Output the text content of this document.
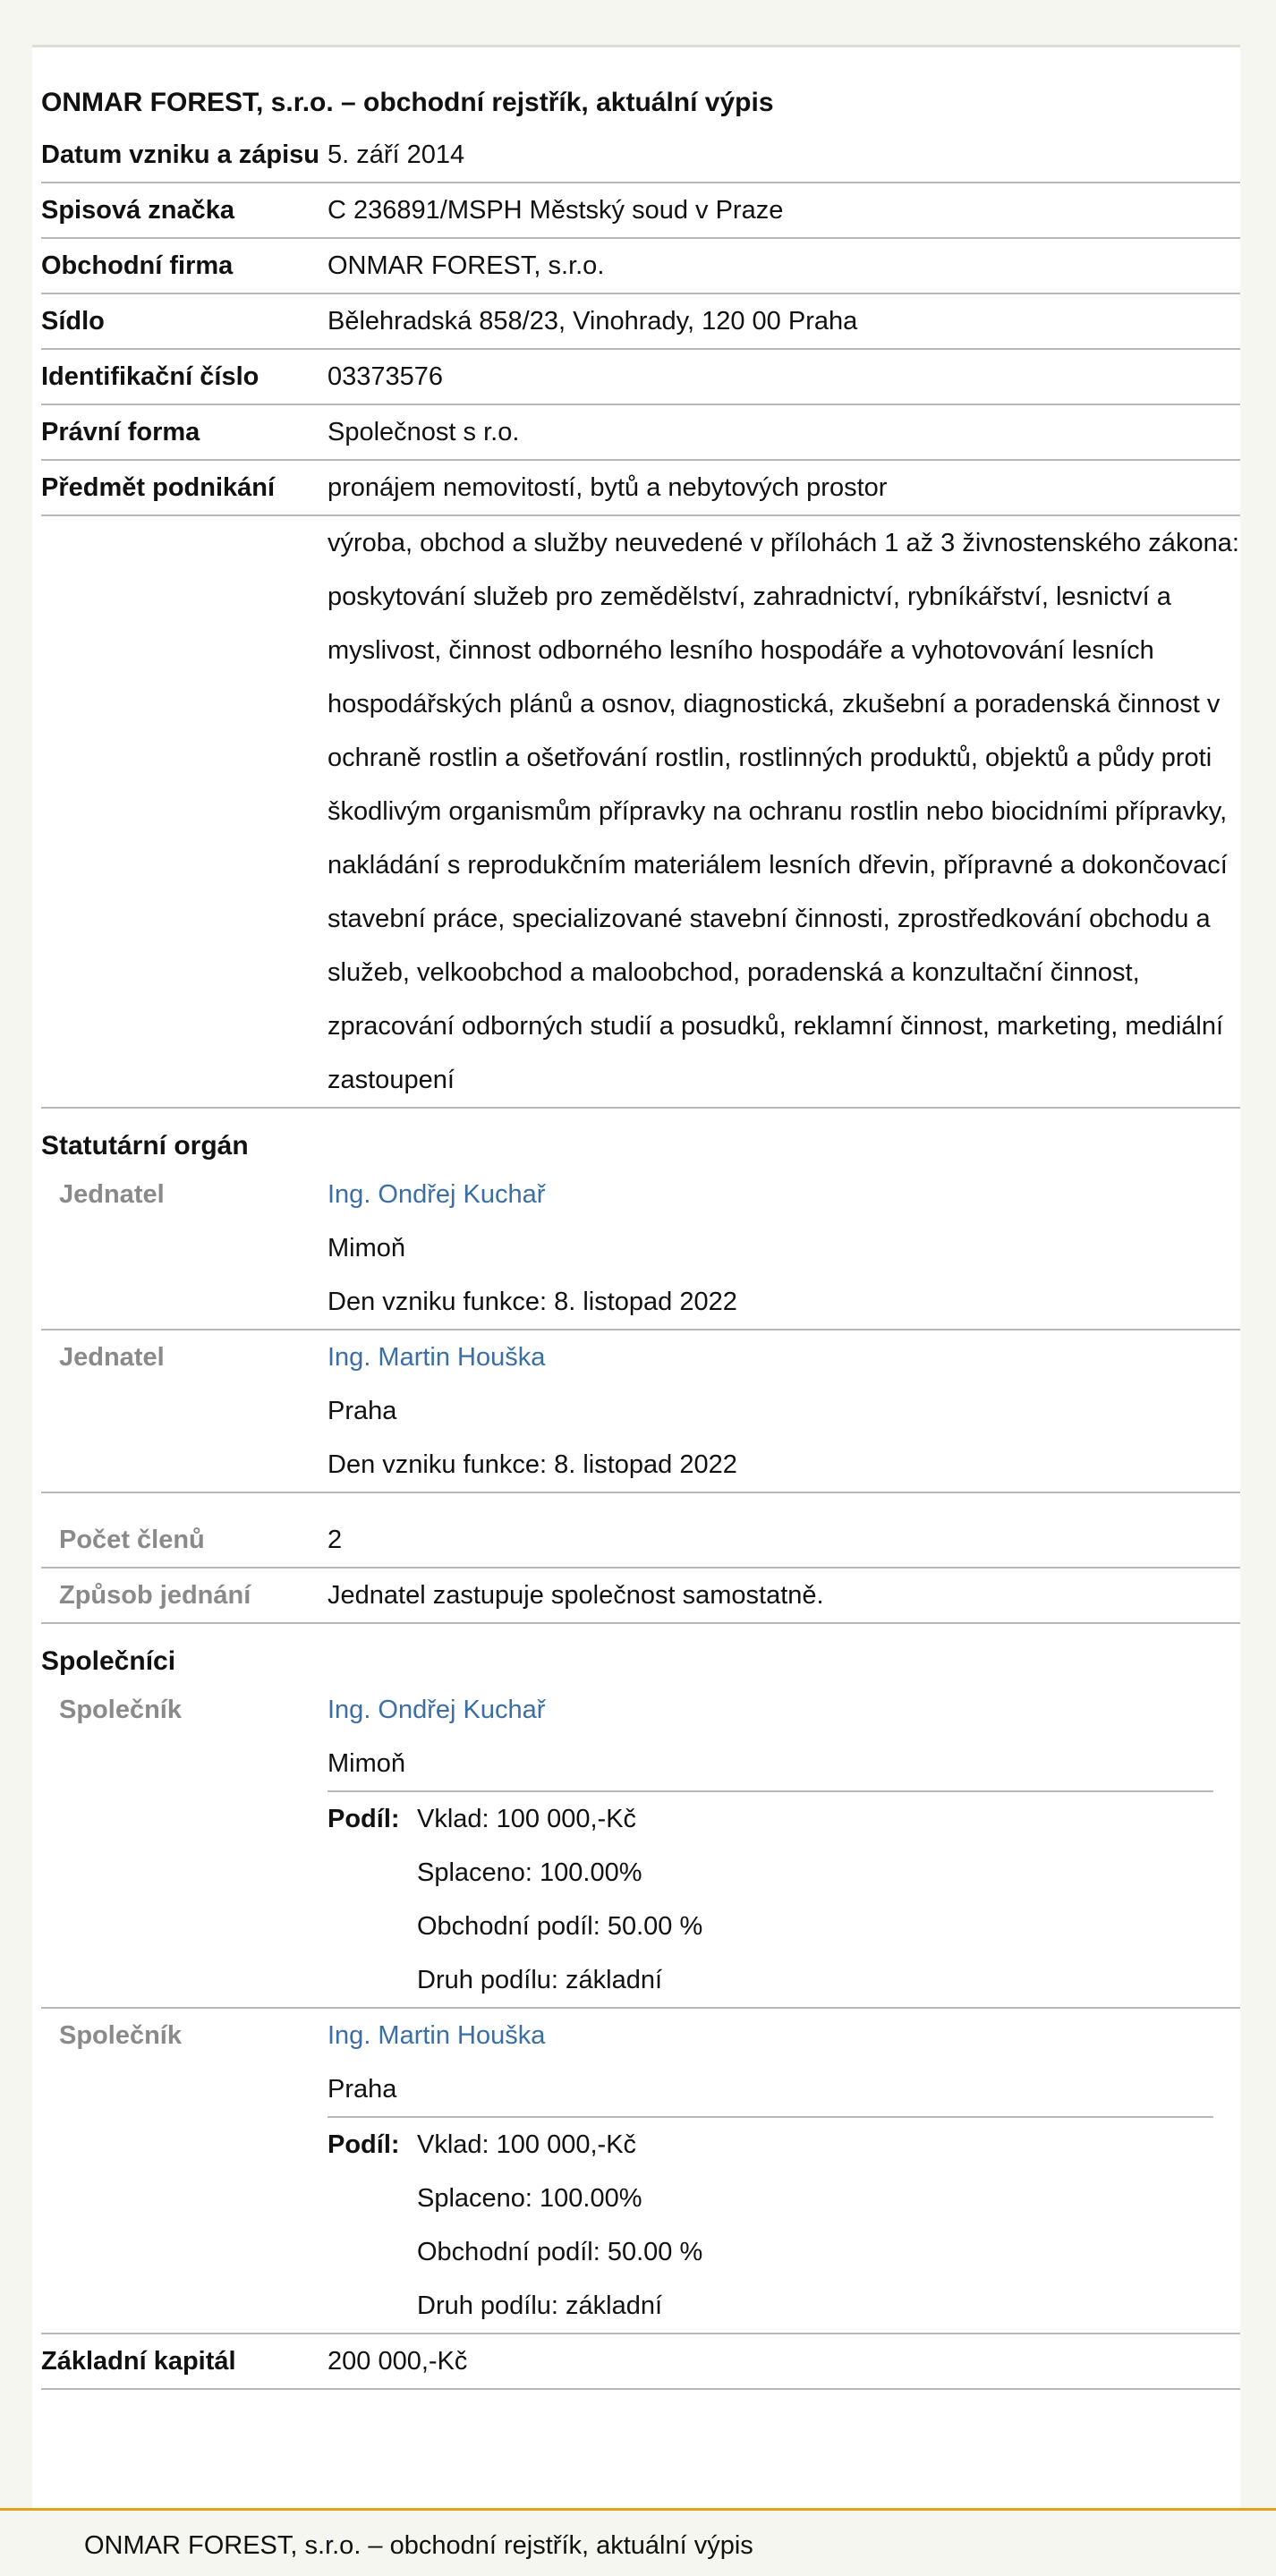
ONMAR FOREST, s.r.o. – obchodní rejstřík, aktuální výpis
Datum vzniku a zápisu 5. září 2014
Spisová značka	C 236891/MSPH Městský soud v Praze
Obchodní firma	ONMAR FOREST, s.r.o.
Sídlo	Bělehradská 858/23, Vinohrady, 120 00 Praha
Identifikační číslo	03373576
Právní forma	Společnost s r.o.
Předmět podnikání	pronájem nemovitostí, bytů a nebytových prostor
výroba, obchod a služby neuvedené v přílohách 1 až 3 živnostenského zákona: poskytování služeb pro zemědělství, zahradnictví, rybníkářství, lesnictví a myslivost, činnost odborného lesního hospodáře a vyhotovování lesních hospodářských plánů a osnov, diagnostická, zkušební a poradenská činnost v ochraně rostlin a ošetřování rostlin, rostlinných produktů, objektů a půdy proti škodlivým organismům přípravky na ochranu rostlin nebo biocidními přípravky, nakládání s reprodukčním materiálem lesních dřevin, přípravné a dokončovací stavební práce, specializované stavební činnosti, zprostředkování obchodu a služeb, velkoobchod a maloobchod, poradenská a konzultační činnost, zpracování odborných studií a posudků, reklamní činnost, marketing, mediální zastoupení
Statutární orgán
Jednatel	Ing. Ondřej Kuchař
Mimoň
Den vzniku funkce: 8. listopad 2022
Jednatel	Ing. Martin Houška
Praha
Den vzniku funkce: 8. listopad 2022
Počet členů	2
Způsob jednání	Jednatel zastupuje společnost samostatně.
Společníci
Společník	Ing. Ondřej Kuchař
Mimoň
Podíl: Vklad: 100 000,-Kč
Splaceno: 100.00%
Obchodní podíl: 50.00 %
Druh podílu: základní
Společník	Ing. Martin Houška
Praha
Podíl: Vklad: 100 000,-Kč
Splaceno: 100.00%
Obchodní podíl: 50.00 %
Druh podílu: základní
Základní kapitál	200 000,-Kč
ONMAR FOREST, s.r.o. – obchodní rejstřík, aktuální výpis
